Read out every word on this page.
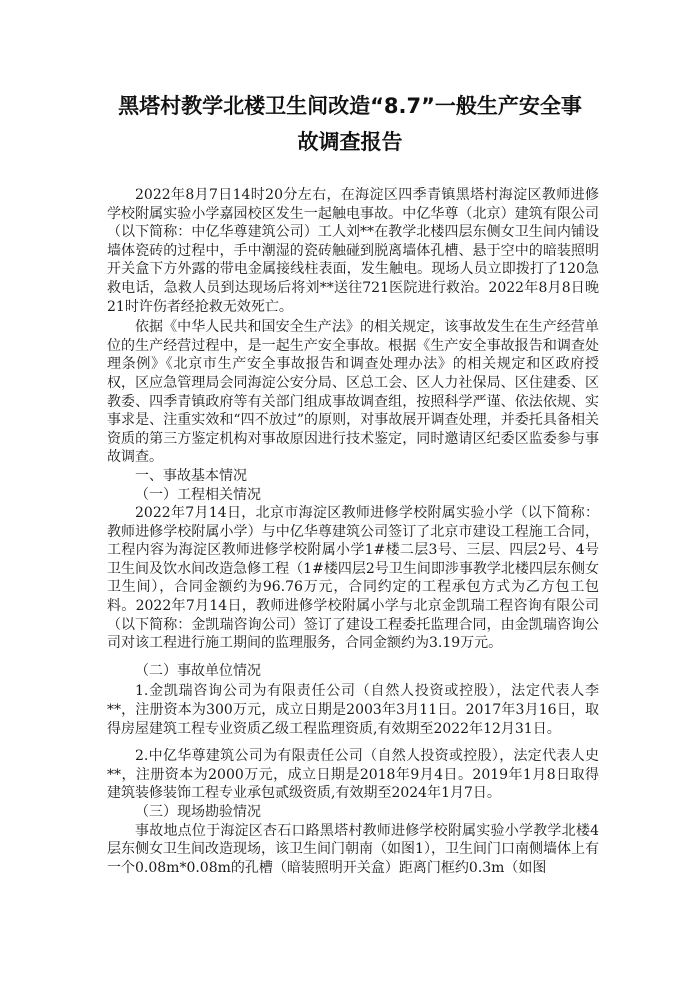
黑塔村教学北楼卫生间改造“8.7”一般生产安全事
故调查报告

2022年8月7日14时20分左右，在海淀区四季青镇黑塔村海淀区教师进修学校附属实验小学嘉园校区发生一起触电事故。中亿华尊（北京）建筑有限公司（以下简称：中亿华尊建筑公司）工人刘**在教学北楼四层东侧女卫生间内铺设墙体瓷砖的过程中，手中潮湿的瓷砖触碰到脱离墙体孔槽、悬于空中的暗装照明开关盒下方外露的带电金属接线柱表面，发生触电。现场人员立即拨打了120急救电话，急救人员到达现场后将刘**送往721医院进行救治。2022年8月8日晚21时许伤者经抢救无效死亡。

依据《中华人民共和国安全生产法》的相关规定，该事故发生在生产经营单位的生产经营过程中，是一起生产安全事故。根据《生产安全事故报告和调查处理条例》《北京市生产安全事故报告和调查处理办法》的相关规定和区政府授权，区应急管理局会同海淀公安分局、区总工会、区人力社保局、区住建委、区教委、四季青镇政府等有关部门组成事故调查组，按照科学严谨、依法依规、实事求是、注重实效和“四不放过”的原则，对事故展开调查处理，并委托具备相关资质的第三方鉴定机构对事故原因进行技术鉴定，同时邀请区纪委区监委参与事故调查。

一、事故基本情况

（一）工程相关情况

2022年7月14日，北京市海淀区教师进修学校附属实验小学（以下简称：教师进修学校附属小学）与中亿华尊建筑公司签订了北京市建设工程施工合同，工程内容为海淀区教师进修学校附属小学1#楼二层3号、三层、四层2号、4号卫生间及饮水间改造急修工程（1#楼四层2号卫生间即涉事教学北楼四层东侧女卫生间），合同金额约为96.76万元，合同约定的工程承包方式为乙方包工包料。2022年7月14日，教师进修学校附属小学与北京金凯瑞工程咨询有限公司（以下简称：金凯瑞咨询公司）签订了建设工程委托监理合同，由金凯瑞咨询公司对该工程进行施工期间的监理服务，合同金额约为3.19万元。

（二）事故单位情况

1.金凯瑞咨询公司为有限责任公司（自然人投资或控股），法定代表人李**，注册资本为300万元，成立日期是2003年3月11日。2017年3月16日，取得房屋建筑工程专业资质乙级工程监理资质,有效期至2022年12月31日。

2.中亿华尊建筑公司为有限责任公司（自然人投资或控股），法定代表人史**，注册资本为2000万元，成立日期是2018年9月4日。2019年1月8日取得建筑装修装饰工程专业承包贰级资质,有效期至2024年1月7日。

（三）现场勘验情况

事故地点位于海淀区杏石口路黑塔村教师进修学校附属实验小学教学北楼4层东侧女卫生间改造现场，该卫生间门朝南（如图1），卫生间门口南侧墙体上有一个0.08m*0.08m的孔槽（暗装照明开关盒）距离门框约0.3m（如图
